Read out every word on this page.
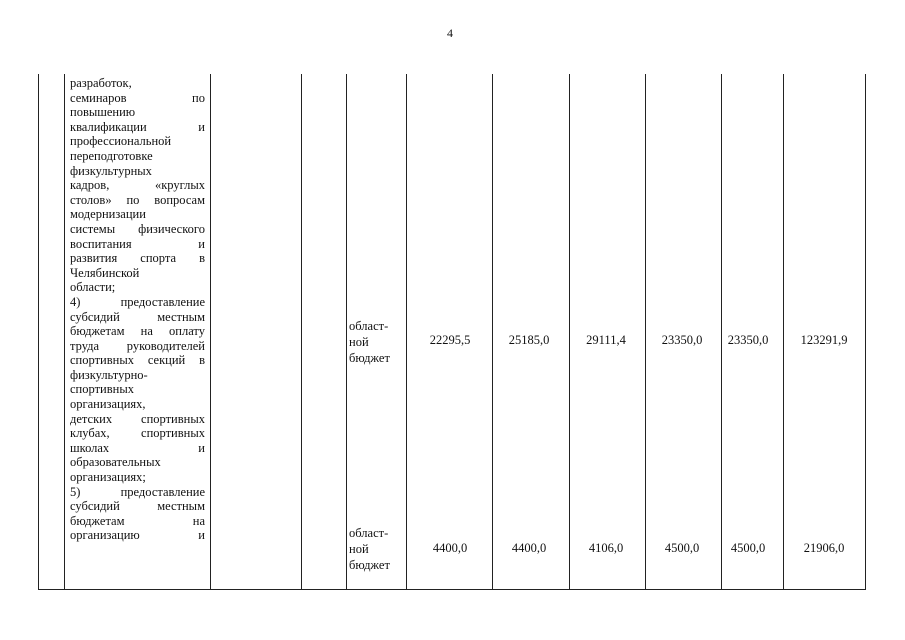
4
разработок,
семинаров по
повышению
квалификации и
профессиональной
переподготовке
физкультурных
кадров, «круглых
столов» по вопросам
модернизации
системы физического
воспитания и
развития спорта в
Челябинской
области;
4) предоставление
субсидий местным
бюджетам на оплату
труда руководителей
спортивных секций в
физкультурно-
спортивных
организациях,
детских спортивных
клубах, спортивных
школах и
образовательных
организациях;
5) предоставление
субсидий местным
бюджетам на
организацию и
област-
ной
бюджет
22295,5	25185,0	29111,4	23350,0	23350,0	123291,9
област-
ной
бюджет
4400,0	4400,0	4106,0	4500,0	4500,0	21906,0
